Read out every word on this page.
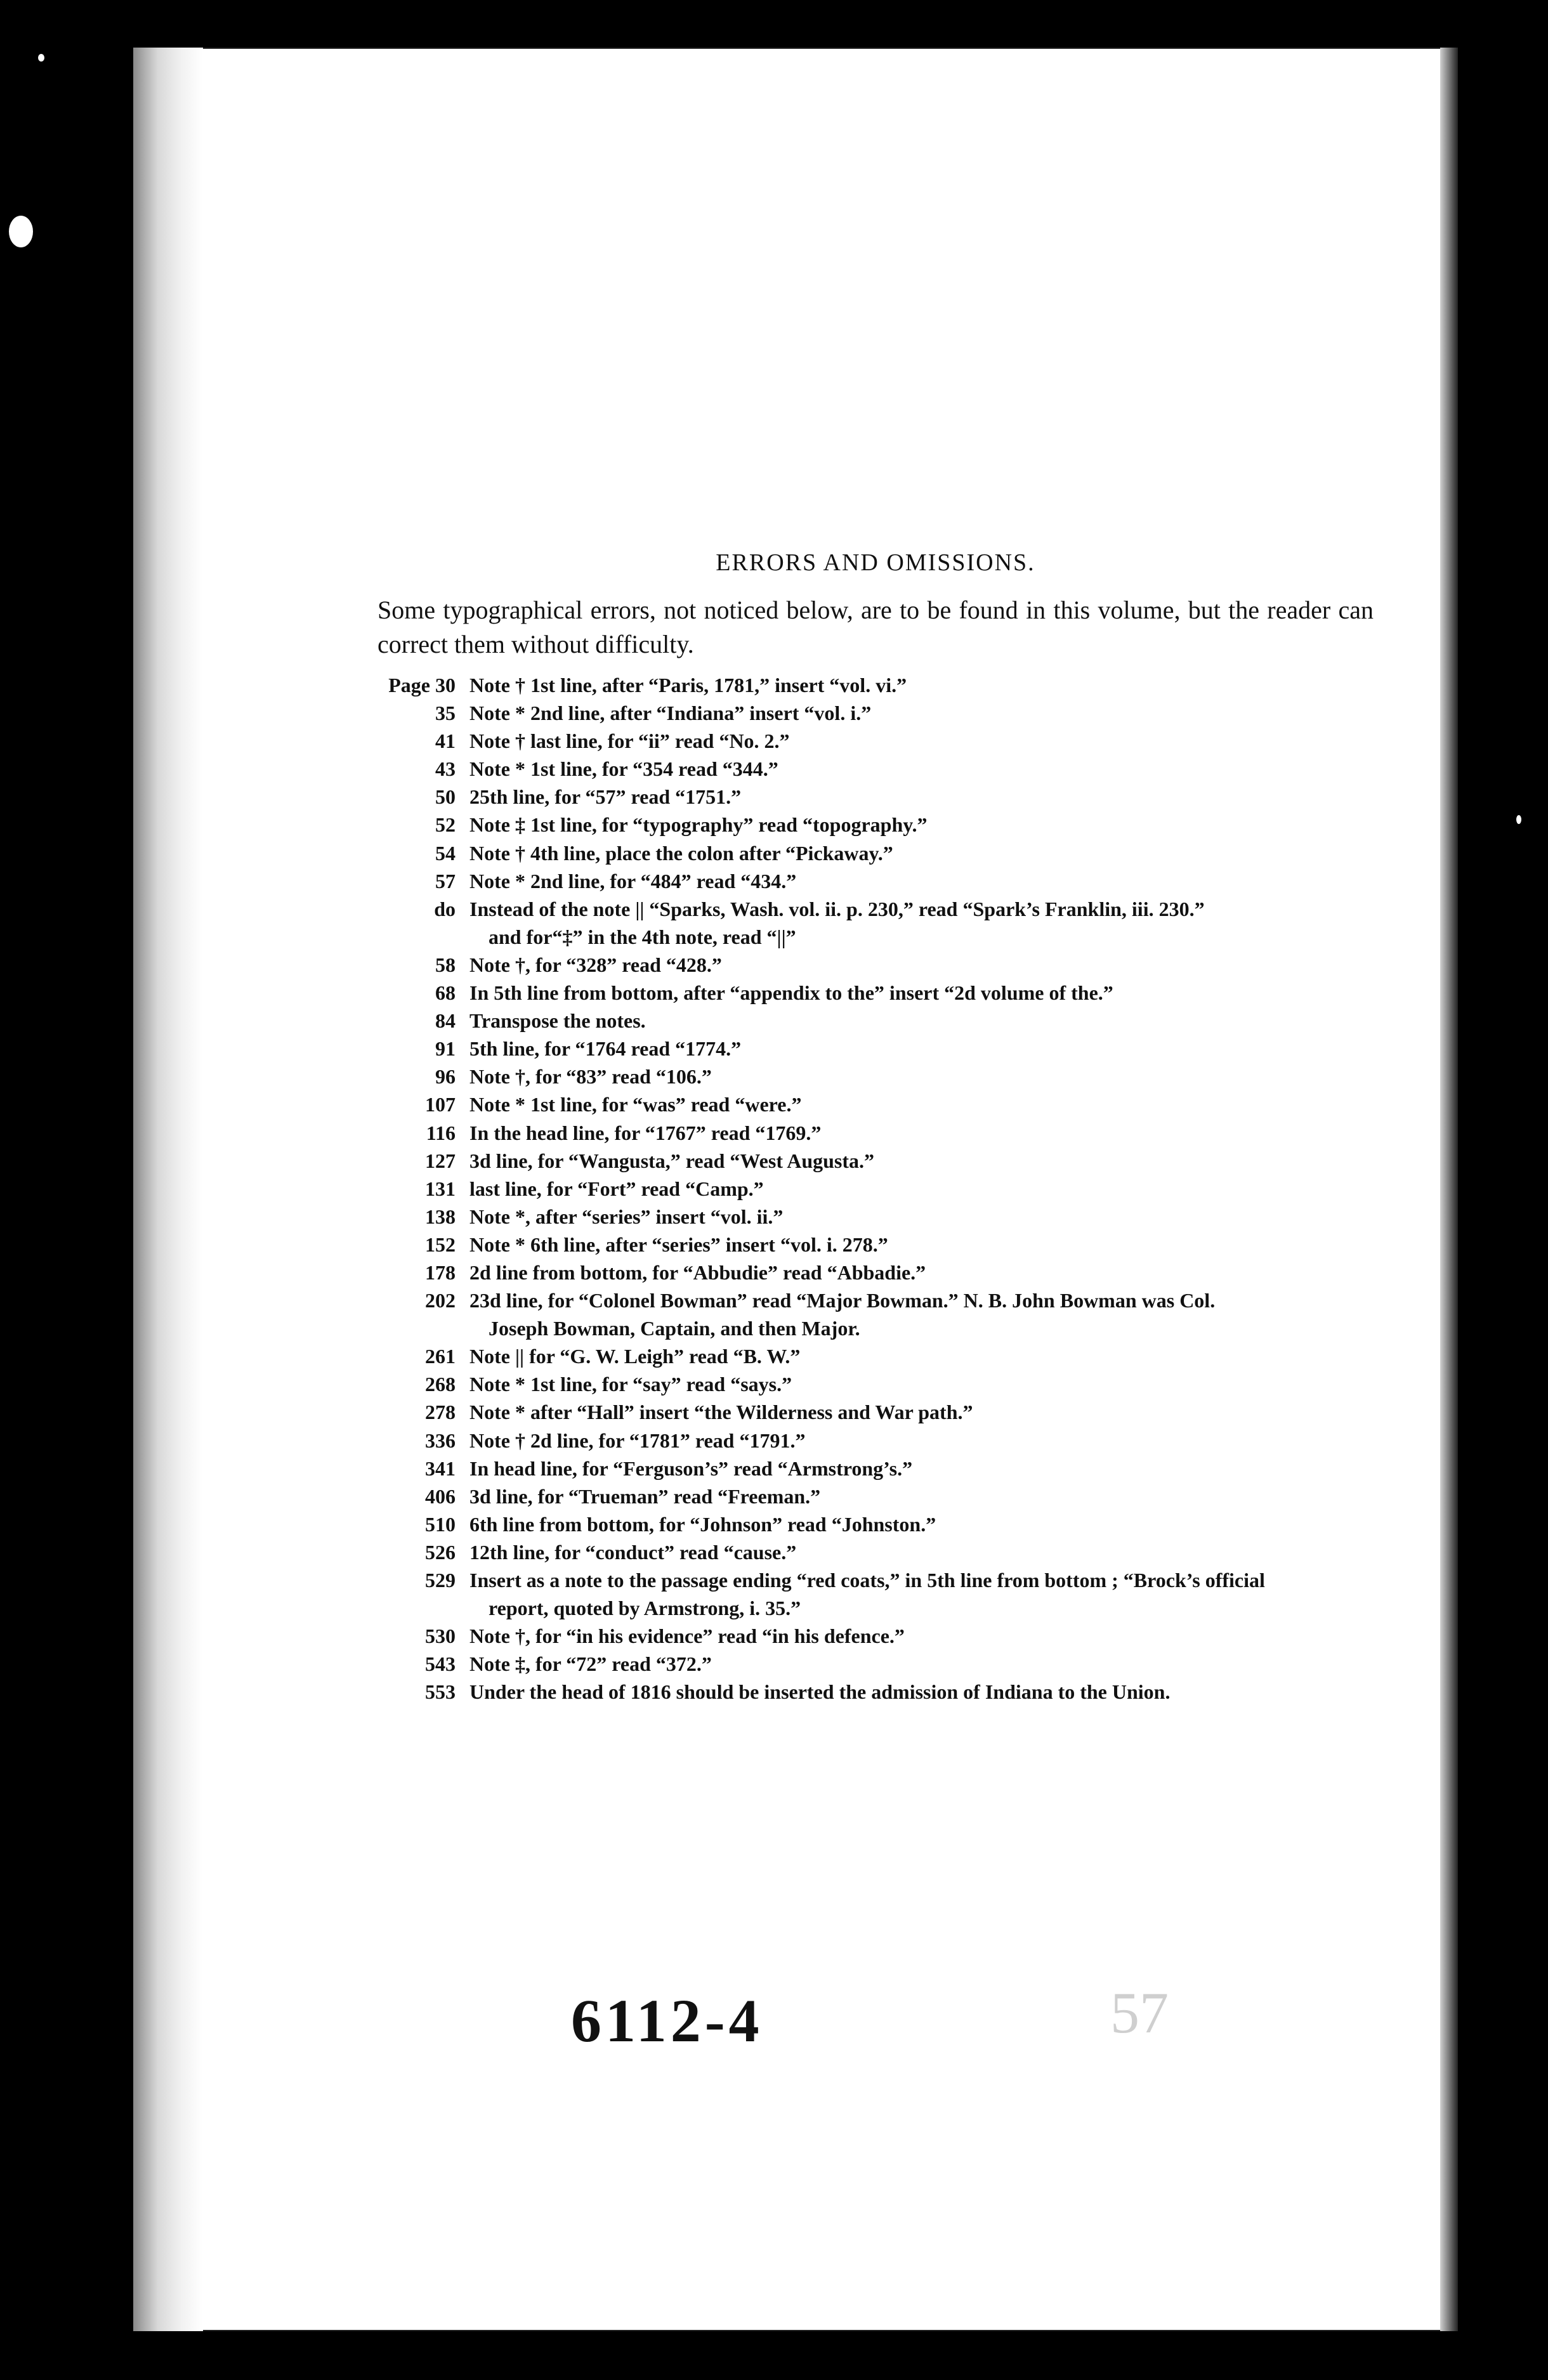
ERRORS AND OMISSIONS.
Some typographical errors, not noticed below, are to be found in this volume, but the reader can correct them without difficulty.
Page 30 Note † 1st line, after “Paris, 1781,” insert “vol. vi.”
35 Note * 2nd line, after “Indiana” insert “vol. i.”
41 Note † last line, for “ii” read “No. 2.”
43 Note * 1st line, for “354 read “344.”
50 25th line, for “57” read “1751.”
52 Note ‡ 1st line, for “typography” read “topography.”
54 Note † 4th line, place the colon after “Pickaway.”
57 Note * 2nd line, for “484” read “434.”
do Instead of the note || “Sparks, Wash. vol. ii. p. 230,” read “Spark’s Franklin, iii. 230.”
and for“‡” in the 4th note, read “||”
58 Note †, for “328” read “428.”
68 In 5th line from bottom, after “appendix to the” insert “2d volume of the.”
84 Transpose the notes.
91 5th line, for “1764 read “1774.”
96 Note †, for “83” read “106.”
107 Note * 1st line, for “was” read “were.”
116 In the head line, for “1767” read “1769.”
127 3d line, for “Wangusta,” read “West Augusta.”
131 last line, for “Fort” read “Camp.”
138 Note *, after “series” insert “vol. ii.”
152 Note * 6th line, after “series” insert “vol. i. 278.”
178 2d line from bottom, for “Abbudie” read “Abbadie.”
202 23d line, for “Colonel Bowman” read “Major Bowman.” N. B. John Bowman was Col.
Joseph Bowman, Captain, and then Major.
261 Note || for “G. W. Leigh” read “B. W.”
268 Note * 1st line, for “say” read “says.”
278 Note * after “Hall” insert “the Wilderness and War path.”
336 Note † 2d line, for “1781” read “1791.”
341 In head line, for “Ferguson’s” read “Armstrong’s.”
406 3d line, for “Trueman” read “Freeman.”
510 6th line from bottom, for “Johnson” read “Johnston.”
526 12th line, for “conduct” read “cause.”
529 Insert as a note to the passage ending “red coats,” in 5th line from bottom ; “Brock’s official
report, quoted by Armstrong, i. 35.”
530 Note †, for “in his evidence” read “in his defence.”
543 Note ‡, for “72” read “372.”
553 Under the head of 1816 should be inserted the admission of Indiana to the Union.
6112-4	57
